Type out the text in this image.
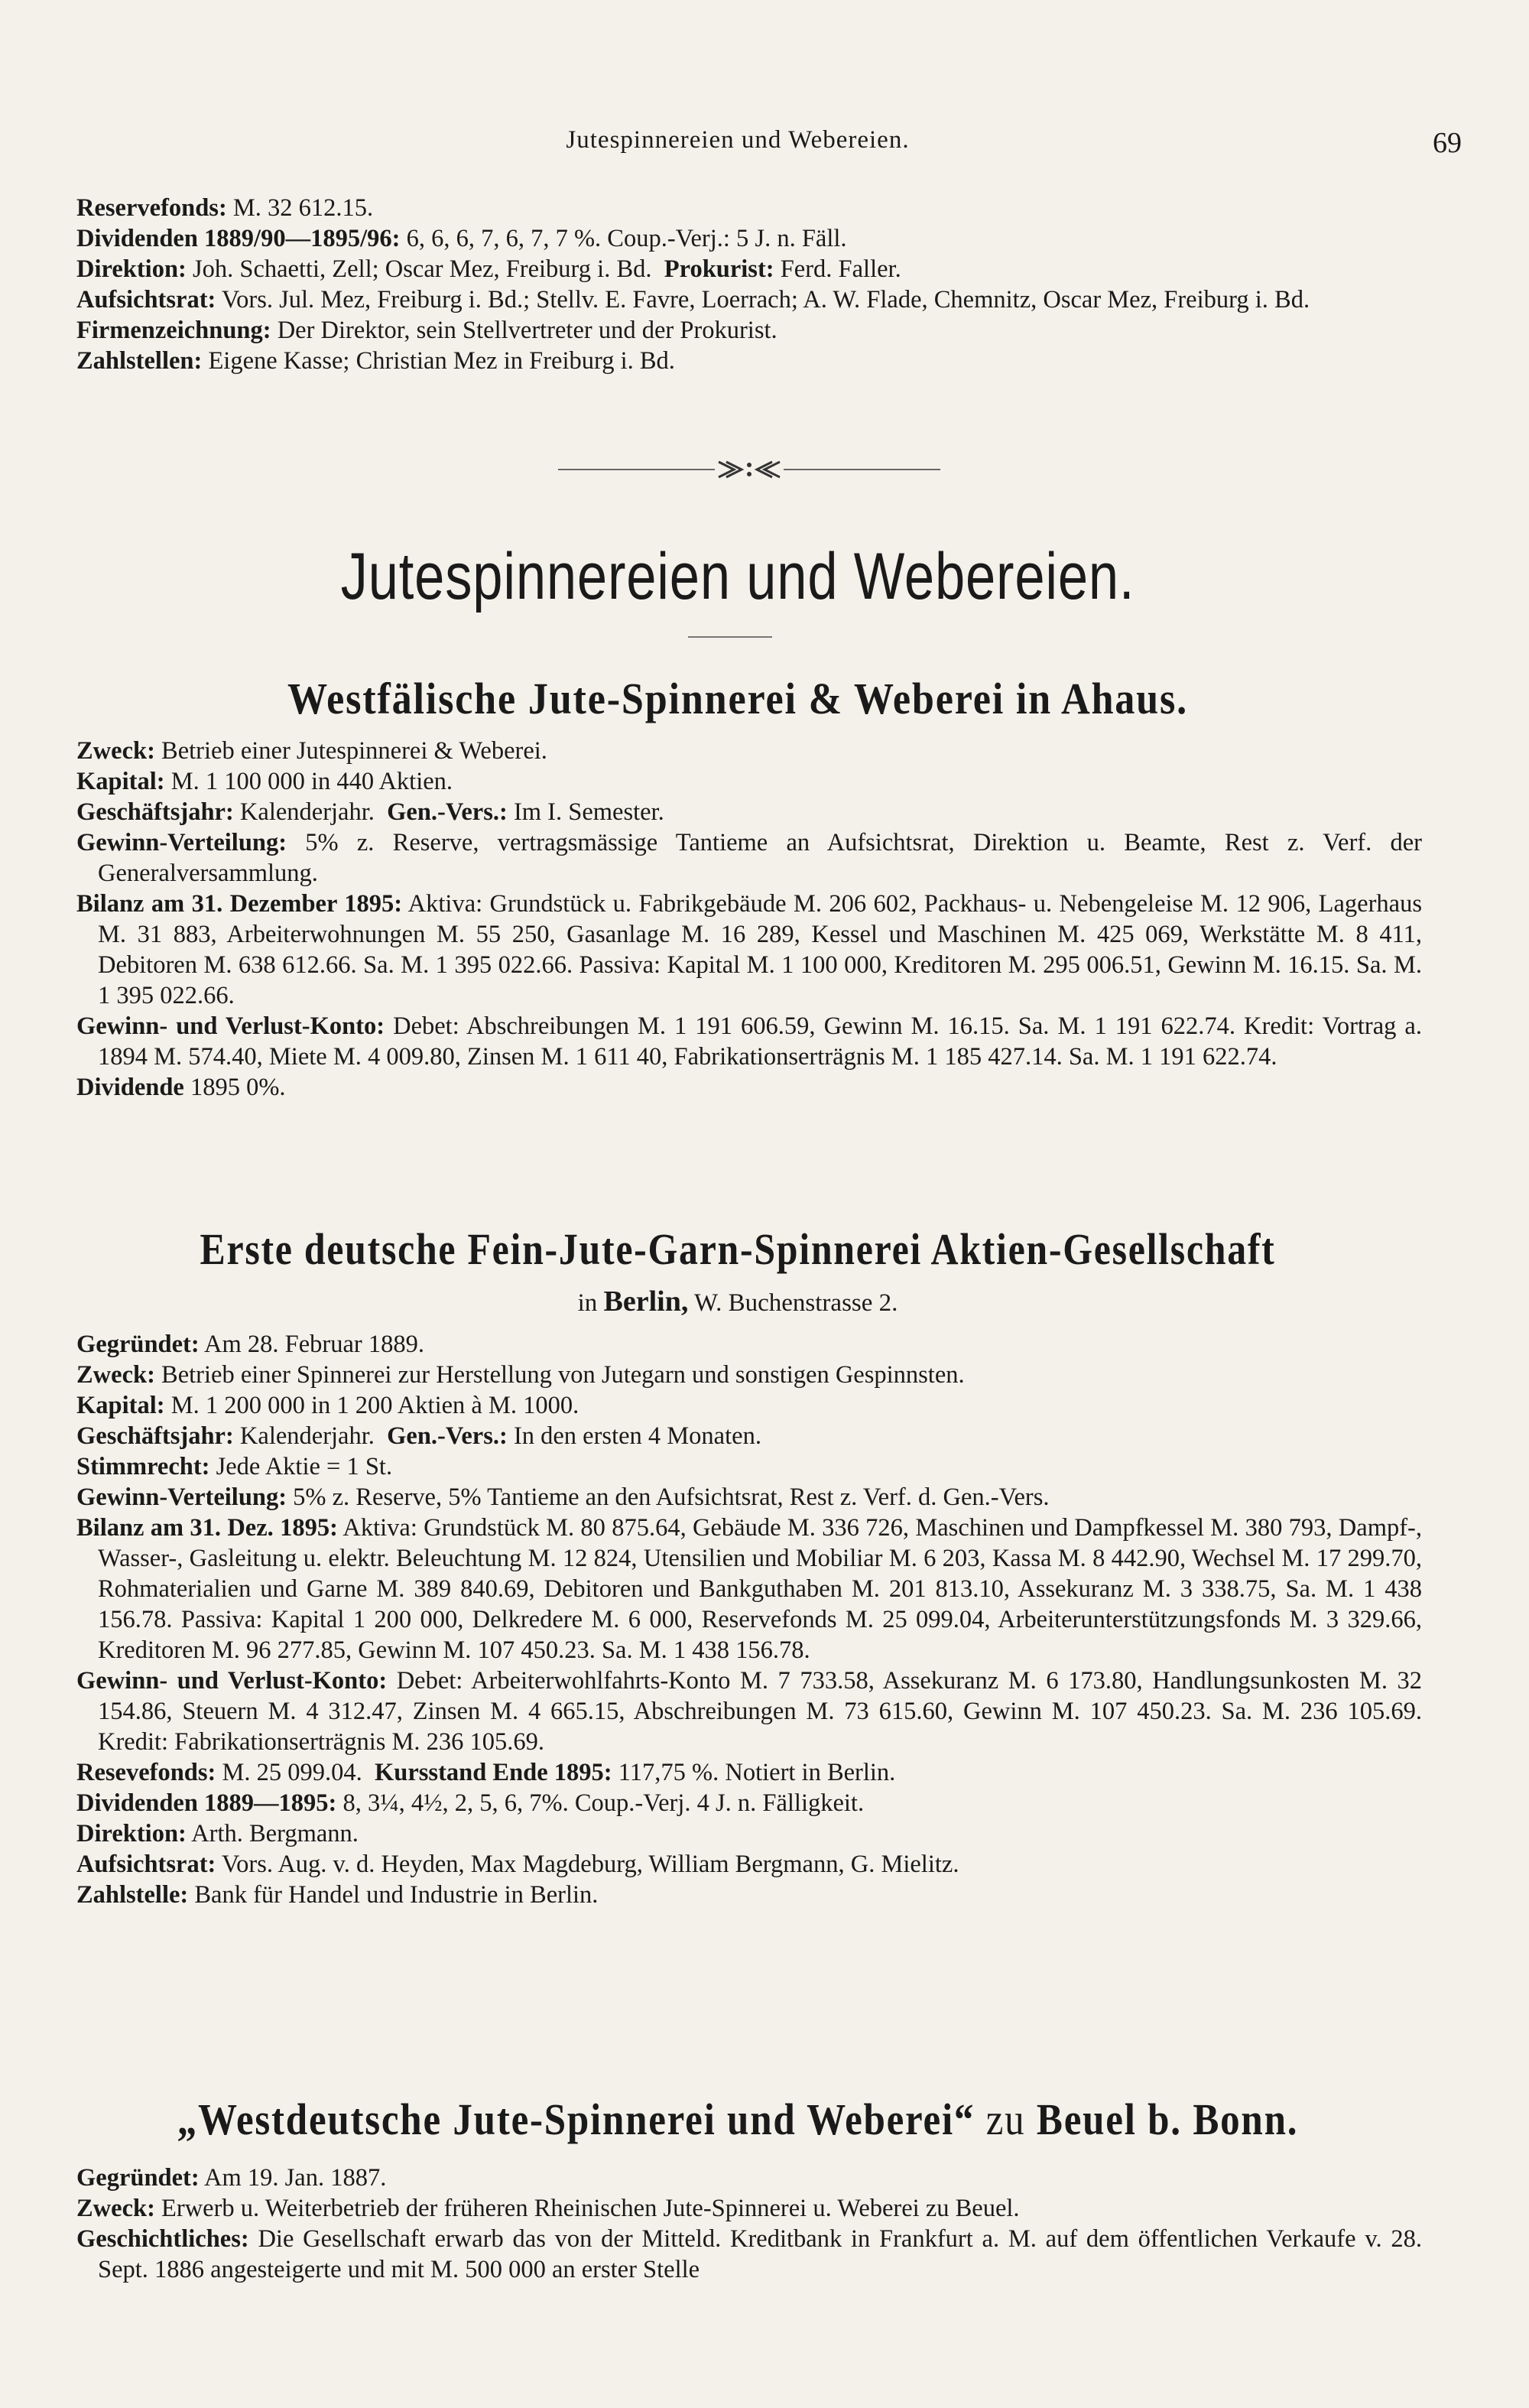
Jutespinnereien und Webereien.	69

Reservefonds: M. 32 612.15.

Dividenden 1889/90—1895/96: 6, 6, 6, 7, 6, 7, 7 %. Coup.-Verj.: 5 J. n. Fäll.

Direktion: Joh. Schaetti, Zell; Oscar Mez, Freiburg i. Bd. Prokurist: Ferd. Faller.

Aufsichtsrat: Vors. Jul. Mez, Freiburg i. Bd.; Stellv. E. Favre, Loerrach; A. W. Flade, Chemnitz, Oscar Mez, Freiburg i. Bd.

Firmenzeichnung: Der Direktor, sein Stellvertreter und der Prokurist.

Zahlstellen: Eigene Kasse; Christian Mez in Freiburg i. Bd.

Jutespinnereien und Webereien.
Westfälische Jute-Spinnerei & Weberei in Ahaus.

Zweck: Betrieb einer Jutespinnerei & Weberei.

Kapital: M. 1 100 000 in 440 Aktien.

Geschäftsjahr: Kalenderjahr. Gen.-Vers.: Im I. Semester.

Gewinn-Verteilung: 5% z. Reserve, vertragsmässige Tantieme an Aufsichtsrat, Direktion u. Beamte, Rest z. Verf. der Generalversammlung.

Bilanz am 31. Dezember 1895: Aktiva: Grundstück u. Fabrikgebäude M. 206 602, Packhaus- u. Nebengeleise M. 12 906, Lagerhaus M. 31 883, Arbeiterwohnungen M. 55 250, Gasanlage M. 16 289, Kessel und Maschinen M. 425 069, Werkstätte M. 8 411, Debitoren M. 638 612.66. Sa. M. 1 395 022.66. Passiva: Kapital M. 1 100 000, Kreditoren M. 295 006.51, Gewinn M. 16.15. Sa. M. 1 395 022.66.

Gewinn- und Verlust-Konto: Debet: Abschreibungen M. 1 191 606.59, Gewinn M. 16.15. Sa. M. 1 191 622.74. Kredit: Vortrag a. 1894 M. 574.40, Miete M. 4 009.80, Zinsen M. 1 611 40, Fabrikationserträgnis M. 1 185 427.14. Sa. M. 1 191 622.74.

Dividende 1895 0%.

Erste deutsche Fein-Jute-Garn-Spinnerei Aktien-Gesellschaft
in Berlin, W. Buchenstrasse 2.

Gegründet: Am 28. Februar 1889.

Zweck: Betrieb einer Spinnerei zur Herstellung von Jutegarn und sonstigen Gespinnsten.

Kapital: M. 1 200 000 in 1 200 Aktien à M. 1000.

Geschäftsjahr: Kalenderjahr. Gen.-Vers.: In den ersten 4 Monaten.

Stimmrecht: Jede Aktie = 1 St.

Gewinn-Verteilung: 5% z. Reserve, 5% Tantieme an den Aufsichtsrat, Rest z. Verf. d. Gen.-Vers.

Bilanz am 31. Dez. 1895: Aktiva: Grundstück M. 80 875.64, Gebäude M. 336 726, Maschinen und Dampfkessel M. 380 793, Dampf-, Wasser-, Gasleitung u. elektr. Beleuchtung M. 12 824, Utensilien und Mobiliar M. 6 203, Kassa M. 8 442.90, Wechsel M. 17 299.70, Rohmaterialien und Garne M. 389 840.69, Debitoren und Bankguthaben M. 201 813.10, Assekuranz M. 3 338.75, Sa. M. 1 438 156.78. Passiva: Kapital 1 200 000, Delkredere M. 6 000, Reservefonds M. 25 099.04, Arbeiterunterstützungsfonds M. 3 329.66, Kreditoren M. 96 277.85, Gewinn M. 107 450.23. Sa. M. 1 438 156.78.

Gewinn- und Verlust-Konto: Debet: Arbeiterwohlfahrts-Konto M. 7 733.58, Assekuranz M. 6 173.80, Handlungsunkosten M. 32 154.86, Steuern M. 4 312.47, Zinsen M. 4 665.15, Abschreibungen M. 73 615.60, Gewinn M. 107 450.23. Sa. M. 236 105.69. Kredit: Fabrikationserträgnis M. 236 105.69.

Resevefonds: M. 25 099.04. Kursstand Ende 1895: 117,75 %. Notiert in Berlin.

Dividenden 1889—1895: 8, 3¼, 4½, 2, 5, 6, 7%. Coup.-Verj. 4 J. n. Fälligkeit.

Direktion: Arth. Bergmann.

Aufsichtsrat: Vors. Aug. v. d. Heyden, Max Magdeburg, William Bergmann, G. Mielitz.

Zahlstelle: Bank für Handel und Industrie in Berlin.

„Westdeutsche Jute-Spinnerei und Weberei“ zu Beuel b. Bonn.

Gegründet: Am 19. Jan. 1887.

Zweck: Erwerb u. Weiterbetrieb der früheren Rheinischen Jute-Spinnerei u. Weberei zu Beuel.

Geschichtliches: Die Gesellschaft erwarb das von der Mitteld. Kreditbank in Frankfurt a. M. auf dem öffentlichen Verkaufe v. 28. Sept. 1886 angesteigerte und mit M. 500 000 an erster Stelle
